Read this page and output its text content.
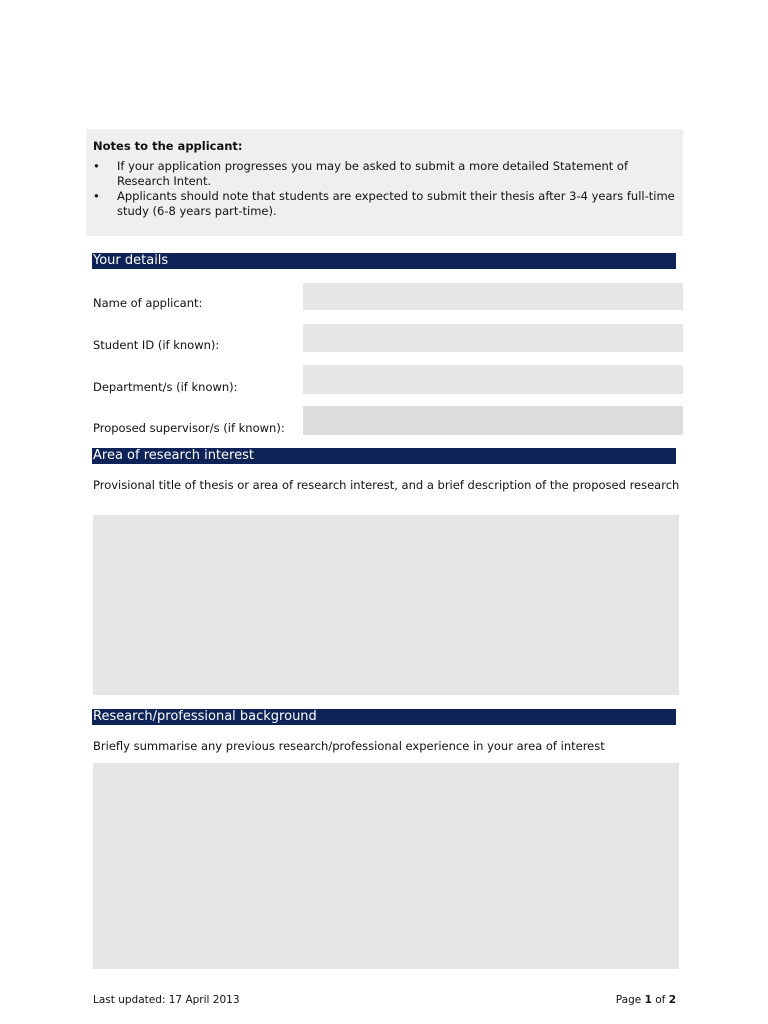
Notes to the applicant:
• If your application progresses you may be asked to submit a more detailed Statement of Research Intent.
• Applicants should note that students are expected to submit their thesis after 3-4 years full-time study (6-8 years part-time).
Your details
Name of applicant:
Student ID (if known):
Department/s (if known):
Proposed supervisor/s (if known):
Area of research interest
Provisional title of thesis or area of research interest, and a brief description of the proposed research
Research/professional background
Briefly summarise any previous research/professional experience in your area of interest
Last updated: 17 April 2013	Page 1 of 2
